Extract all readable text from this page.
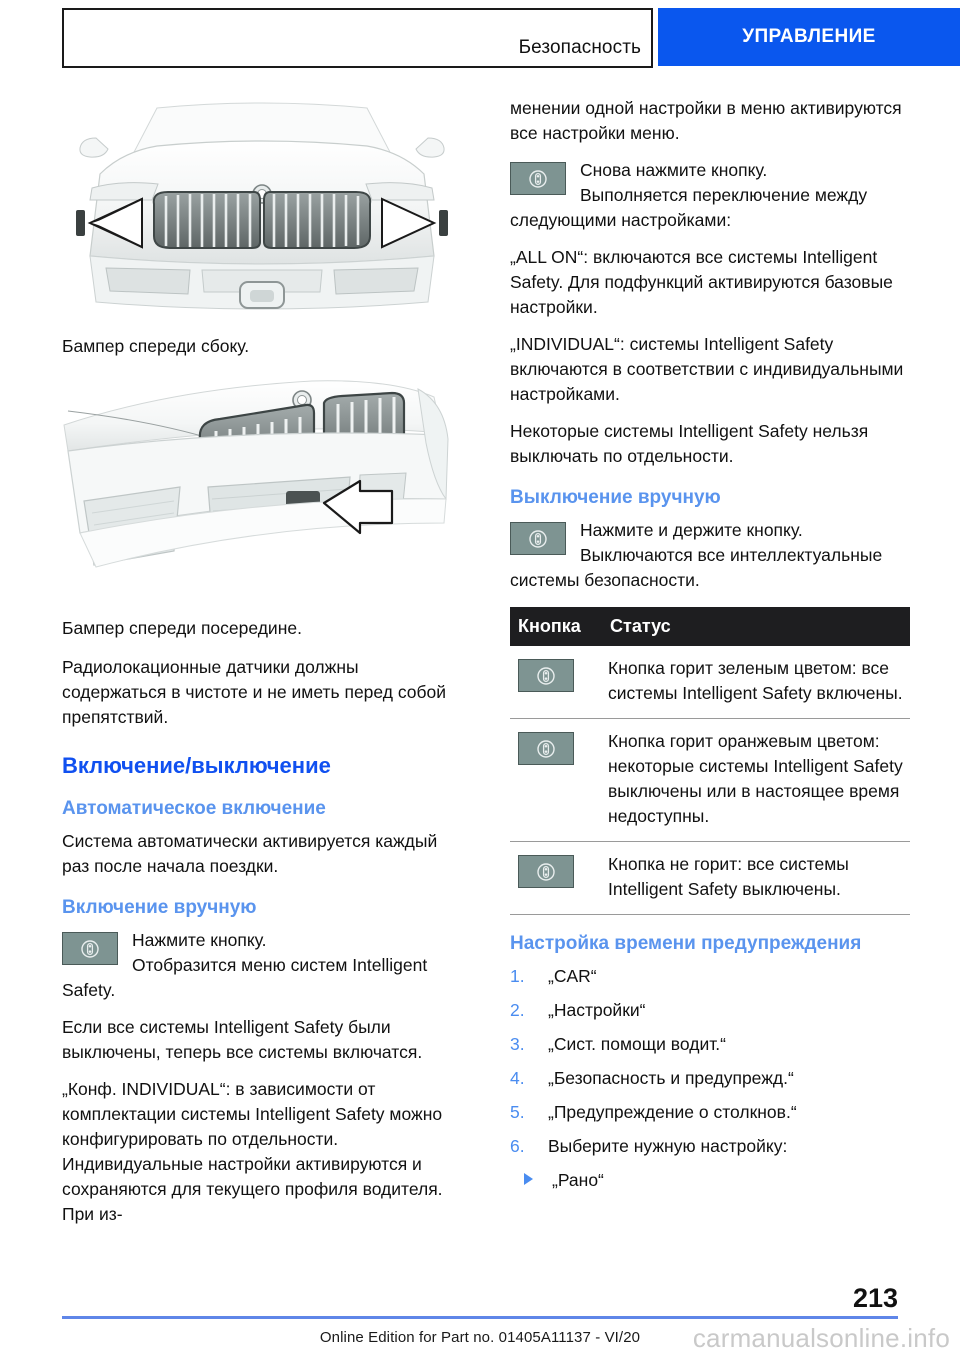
Безопасность
УПРАВЛЕНИЕ

Бампер спереди сбоку.

Бампер спереди посередине.

Радиолокационные датчики должны содержаться в чистоте и не иметь перед собой препятствий.

Включение/выключение
Автоматическое включение

Система автоматически активируется каждый раз после начала поездки.

Включение вручную

Нажмите кнопку.

Отобразится меню систем Intelligent Safety.

Если все системы Intelligent Safety были выключены, теперь все системы включатся.

„Конф. INDIVIDUAL“: в зависимости от комплектации системы Intelligent Safety можно конфигурировать по отдельности. Индивидуальные настройки активируются и сохраняются для текущего профиля водителя. При из-

менении одной настройки в меню активируются все настройки меню.

Снова нажмите кнопку.

Выполняется переключение между следующими настройками:

„ALL ON“: включаются все системы Intelligent Safety. Для подфункций активируются базовые настройки.

„INDIVIDUAL“: системы Intelligent Safety включаются в соответствии с индивидуальными настройками.

Некоторые системы Intelligent Safety нельзя выключать по отдельности.

Выключение вручную

Нажмите и держите кнопку.

Выключаются все интеллектуальные системы безопасности.

Кнопка	Статус

	Кнопка горит зеленым цветом: все системы Intelligent Safety включены.

	Кнопка горит оранжевым цветом: некоторые системы Intelligent Safety выключены или в настоящее время недоступны.

	Кнопка не горит: все системы Intelligent Safety выключены.
Настройка времени предупреждения
1.	„CAR“
2.	„Настройки“
3.	„Сист. помощи водит.“
4.	„Безопасность и предупрежд.“
5.	„Предупреждение о столкнов.“
6.	Выберите нужную настройку:
„Рано“
213
Online Edition for Part no. 01405A11137 - VI/20	carmanualsonline.info
